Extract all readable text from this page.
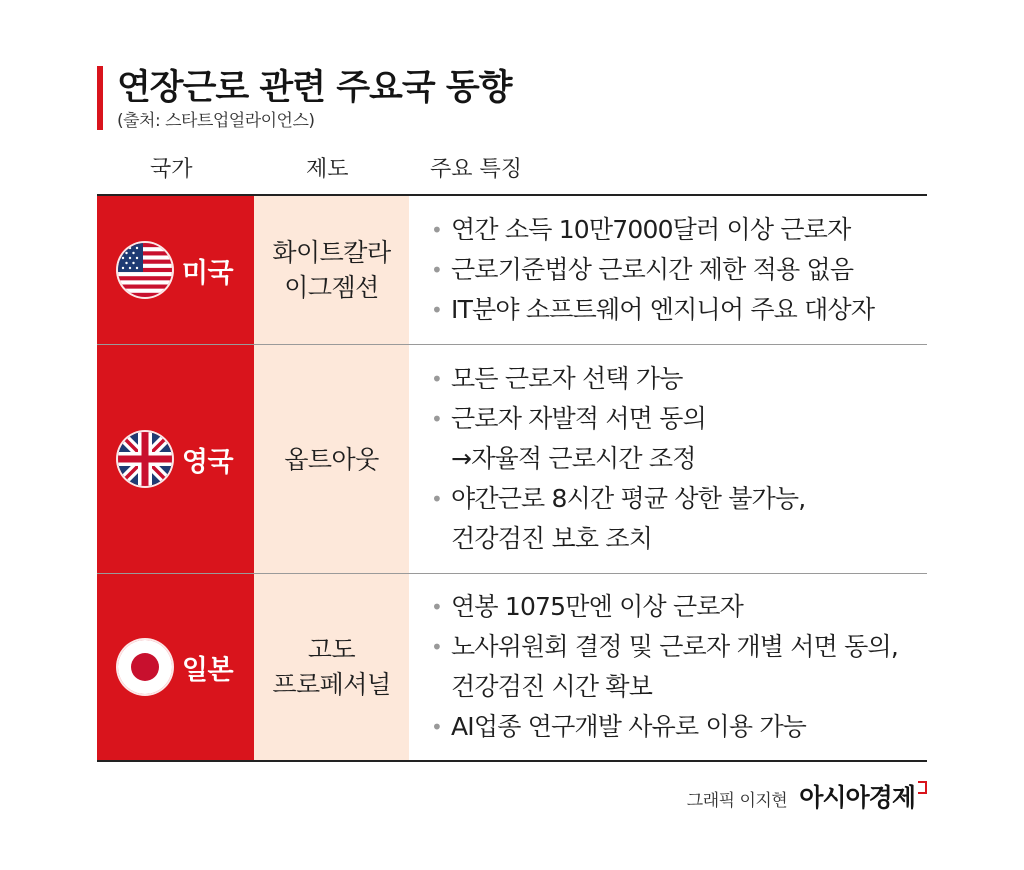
연장근로 관련 주요국 동향
(출처: 스타트업얼라이언스)
국가	제도	주요 특징
미국
화이트칼라
이그젬션
• 연간 소득 10만7000달러 이상 근로자
• 근로기준법상 근로시간 제한 적용 없음
• IT분야 소프트웨어 엔지니어 주요 대상자
영국 옵트아웃
• 모든 근로자 선택 가능
• 근로자 자발적 서면 동의
→자율적 근로시간 조정
• 야간근로 8시간 평균 상한 불가능,
건강검진 보호 조치
일본
고도
프로페셔널
• 연봉 1075만엔 이상 근로자
• 노사위원회 결정 및 근로자 개별 서면 동의,
건강검진 시간 확보
• AI업종 연구개발 사유로 이용 가능
그래픽 이지현 아시아경제
